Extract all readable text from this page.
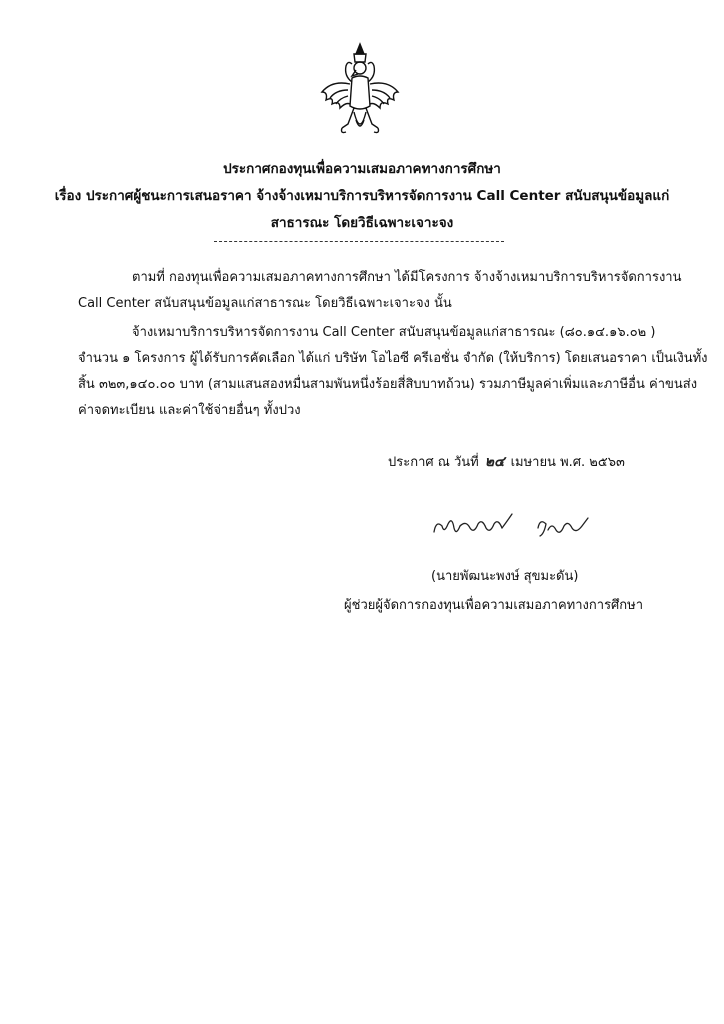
ประกาศกองทุนเพื่อความเสมอภาคทางการศึกษา
เรื่อง ประกาศผู้ชนะการเสนอราคา จ้างจ้างเหมาบริการบริหารจัดการงาน Call Center สนับสนุนข้อมูลแก่
สาธารณะ โดยวิธีเฉพาะเจาะจง
ตามที่ กองทุนเพื่อความเสมอภาคทางการศึกษา ได้มีโครงการ จ้างจ้างเหมาบริการบริหารจัดการงาน
Call Center สนับสนุนข้อมูลแก่สาธารณะ โดยวิธีเฉพาะเจาะจง นั้น
จ้างเหมาบริการบริหารจัดการงาน Call Center สนับสนุนข้อมูลแก่สาธารณะ (๘๐.๑๔.๑๖.๐๒ )
จำนวน ๑ โครงการ ผู้ได้รับการคัดเลือก ได้แก่ บริษัท โอไอซี ครีเอชั่น จำกัด (ให้บริการ) โดยเสนอราคา เป็นเงินทั้ง
สิ้น ๓๒๓,๑๔๐.๐๐ บาท (สามแสนสองหมื่นสามพันหนึ่งร้อยสี่สิบบาทถ้วน) รวมภาษีมูลค่าเพิ่มและภาษีอื่น ค่าขนส่ง
ค่าจดทะเบียน และค่าใช้จ่ายอื่นๆ ทั้งปวง
ประกาศ ณ วันที่ ๒๔ เมษายน พ.ศ. ๒๕๖๓
(นายพัฒนะพงษ์ สุขมะดัน)
ผู้ช่วยผู้จัดการกองทุนเพื่อความเสมอภาคทางการศึกษา
